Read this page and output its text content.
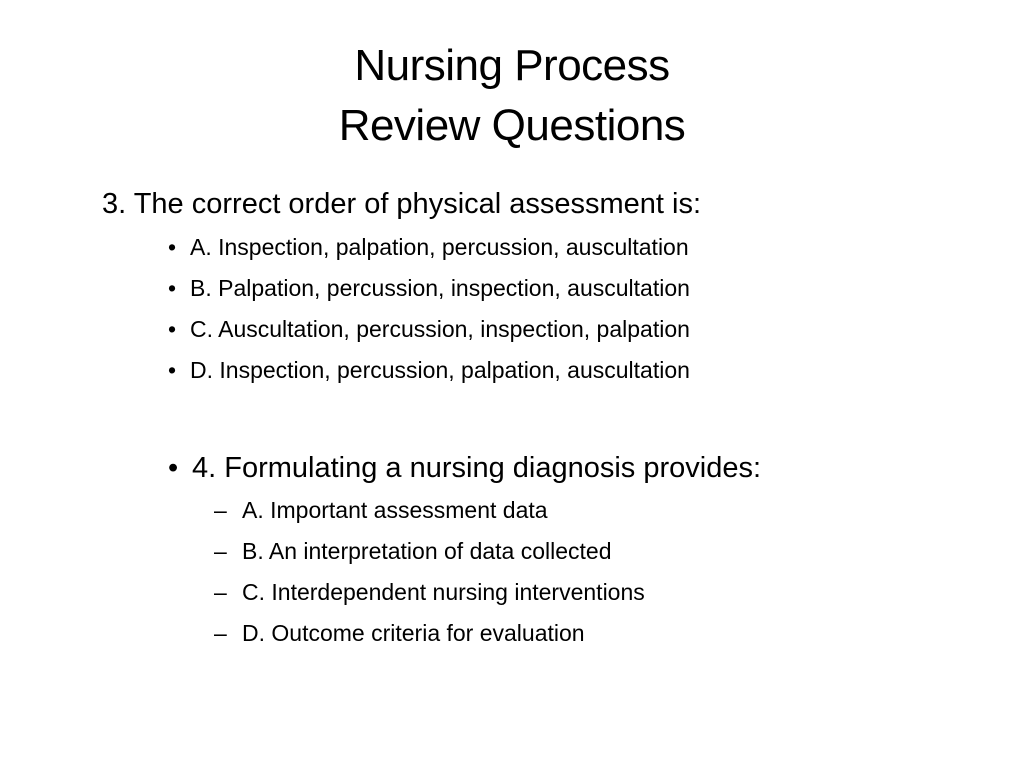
Nursing Process
Review Questions
3. The correct order of physical assessment is:
• A. Inspection, palpation, percussion, auscultation
• B. Palpation, percussion, inspection, auscultation
• C. Auscultation, percussion, inspection, palpation
• D. Inspection, percussion, palpation, auscultation
• 4. Formulating a nursing diagnosis provides:
– A. Important assessment data
– B. An interpretation of data collected
– C. Interdependent nursing interventions
– D. Outcome criteria for evaluation
